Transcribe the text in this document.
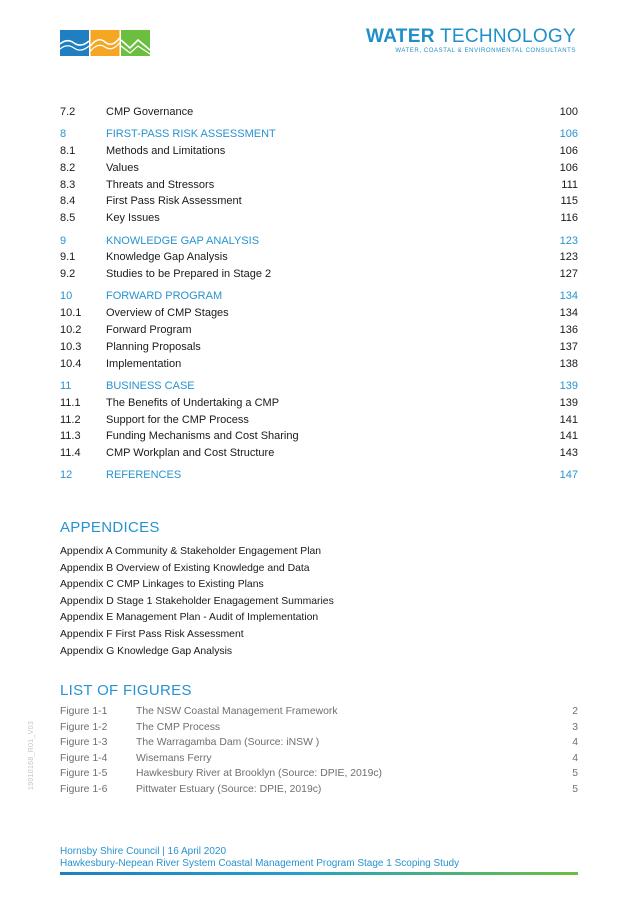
WATER TECHNOLOGY
WATER, COASTAL & ENVIRONMENTAL CONSULTANTS
7.2	CMP Governance	100
8	FIRST-PASS RISK ASSESSMENT	106
8.1	Methods and Limitations	106
8.2	Values	106
8.3	Threats and Stressors	111
8.4	First Pass Risk Assessment	115
8.5	Key Issues	116
9	KNOWLEDGE GAP ANALYSIS	123
9.1	Knowledge Gap Analysis	123
9.2	Studies to be Prepared in Stage 2	127
10	FORWARD PROGRAM	134
10.1 Overview of CMP Stages	134
10.2 Forward Program	136
10.3 Planning Proposals	137
10.4 Implementation	138
11	BUSINESS CASE	139
11.1 The Benefits of Undertaking a CMP	139
11.2 Support for the CMP Process	141
11.3 Funding Mechanisms and Cost Sharing	141
11.4 CMP Workplan and Cost Structure	143
12	REFERENCES	147
APPENDICES
Appendix A Community & Stakeholder Engagement Plan
Appendix B Overview of Existing Knowledge and Data
Appendix C CMP Linkages to Existing Plans
Appendix D Stage 1 Stakeholder Enagagement Summaries
Appendix E Management Plan - Audit of Implementation
Appendix F First Pass Risk Assessment
Appendix G Knowledge Gap Analysis
LIST OF FIGURES
Figure 1-1	The NSW Coastal Management Framework	2
Figure 1-2	The CMP Process	3
Figure 1-3	The Warragamba Dam (Source: iNSW )	4
Figure 1-4	Wisemans Ferry	4
Figure 1-5	Hawkesbury River at Brooklyn (Source: DPIE, 2019c)	5
Figure 1-6	Pittwater Estuary (Source: DPIE, 2019c)	5
19010168_R01_V03
Hornsby Shire Council | 16 April 2020
Hawkesbury-Nepean River System Coastal Management Program Stage 1 Scoping Study
